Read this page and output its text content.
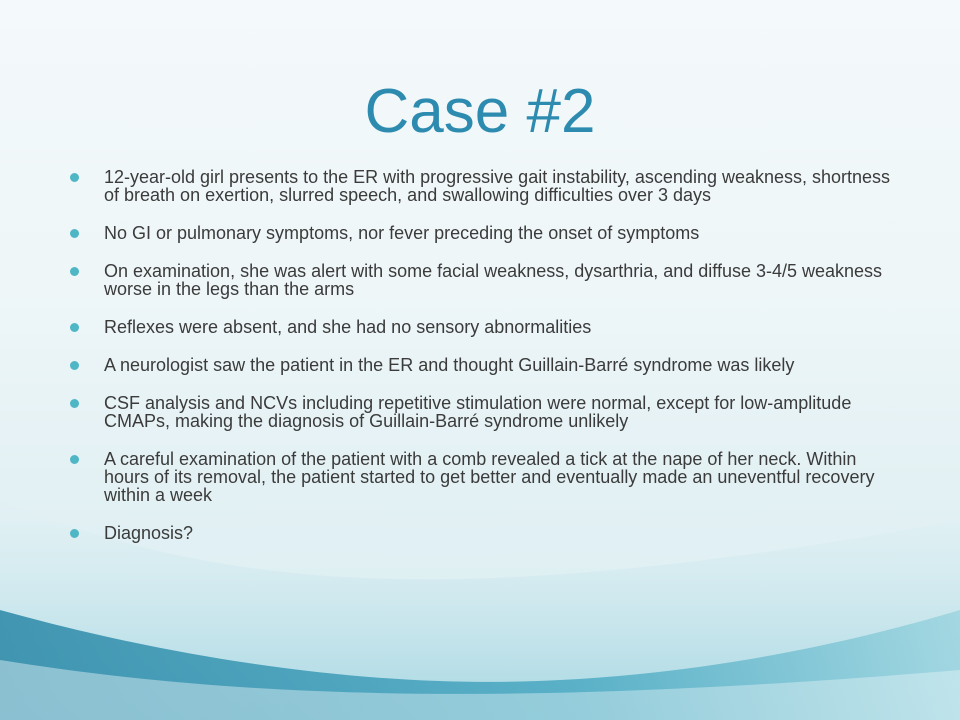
Case #2
12-year-old girl presents to the ER with progressive gait instability, ascending weakness, shortness of breath on exertion, slurred speech, and swallowing difficulties over 3 days
No GI or pulmonary symptoms, nor fever preceding the onset of symptoms
On examination, she was alert with some facial weakness, dysarthria, and diffuse 3-4/5 weakness worse in the legs than the arms
Reflexes were absent, and she had no sensory abnormalities
A neurologist saw the patient in the ER and thought Guillain-Barré syndrome was likely
CSF analysis and NCVs including repetitive stimulation were normal, except for low-amplitude CMAPs, making the diagnosis of Guillain-Barré syndrome unlikely
A careful examination of the patient with a comb revealed a tick at the nape of her neck. Within hours of its removal, the patient started to get better and eventually made an uneventful recovery within a week
Diagnosis?
